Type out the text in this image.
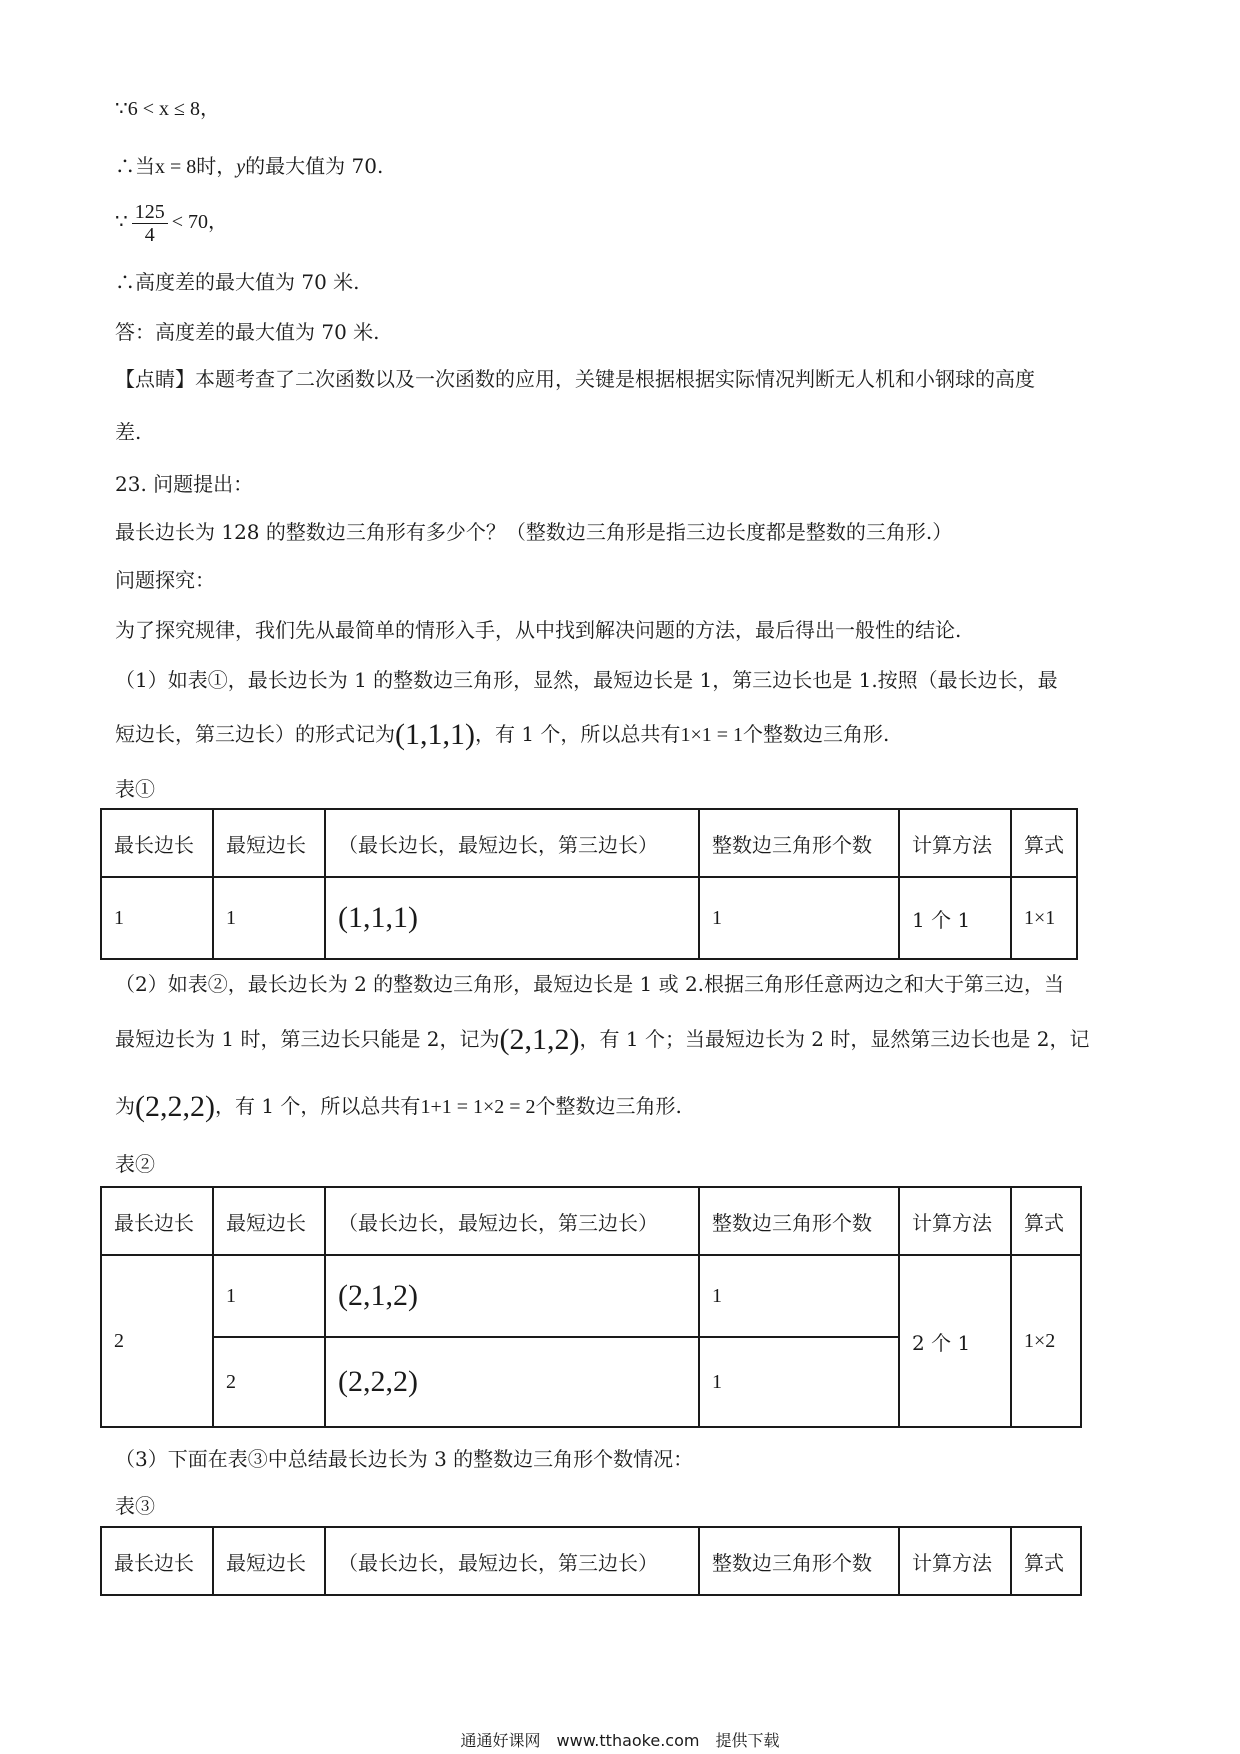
∵6 < x ≤ 8，
∴当x = 8时，y的最大值为 70.
∵ $\frac{125}{4} < 70$，
∴高度差的最大值为 70 米.
答：高度差的最大值为 70 米.
【点睛】本题考查了二次函数以及一次函数的应用，关键是根据根据实际情况判断无人机和小钢球的高度
差.
23. 问题提出：
最长边长为 128 的整数边三角形有多少个？（整数边三角形是指三边长度都是整数的三角形.）
问题探究：
为了探究规律，我们先从最简单的情形入手，从中找到解决问题的方法，最后得出一般性的结论.
（1）如表①，最长边长为 1 的整数边三角形，显然，最短边长是 1，第三边长也是 1.按照（最长边长，最
短边长，第三边长）的形式记为(1,1,1)，有 1 个，所以总共有1×1 = 1个整数边三角形.
表①
最长边长	最短边长	（最长边长，最短边长，第三边长）	整数边三角形个数	计算方法	算式
1	1	(1,1,1)	1	1 个 1	1×1
（2）如表②，最长边长为 2 的整数边三角形，最短边长是 1 或 2.根据三角形任意两边之和大于第三边，当
最短边长为 1 时，第三边长只能是 2，记为(2,1,2)，有 1 个；当最短边长为 2 时，显然第三边长也是 2，记
为(2,2,2)，有 1 个，所以总共有1+1 = 1×2 = 2个整数边三角形.
表②
最长边长	最短边长	（最长边长，最短边长，第三边长）	整数边三角形个数	计算方法	算式
2	1	(2,1,2)	1	2 个 1	1×2
	2	(2,2,2)	1		
（3）下面在表③中总结最长边长为 3 的整数边三角形个数情况：
表③
最长边长	最短边长	（最长边长，最短边长，第三边长）	整数边三角形个数	计算方法	算式
通通好课网　www.tthaoke.com　提供下载
